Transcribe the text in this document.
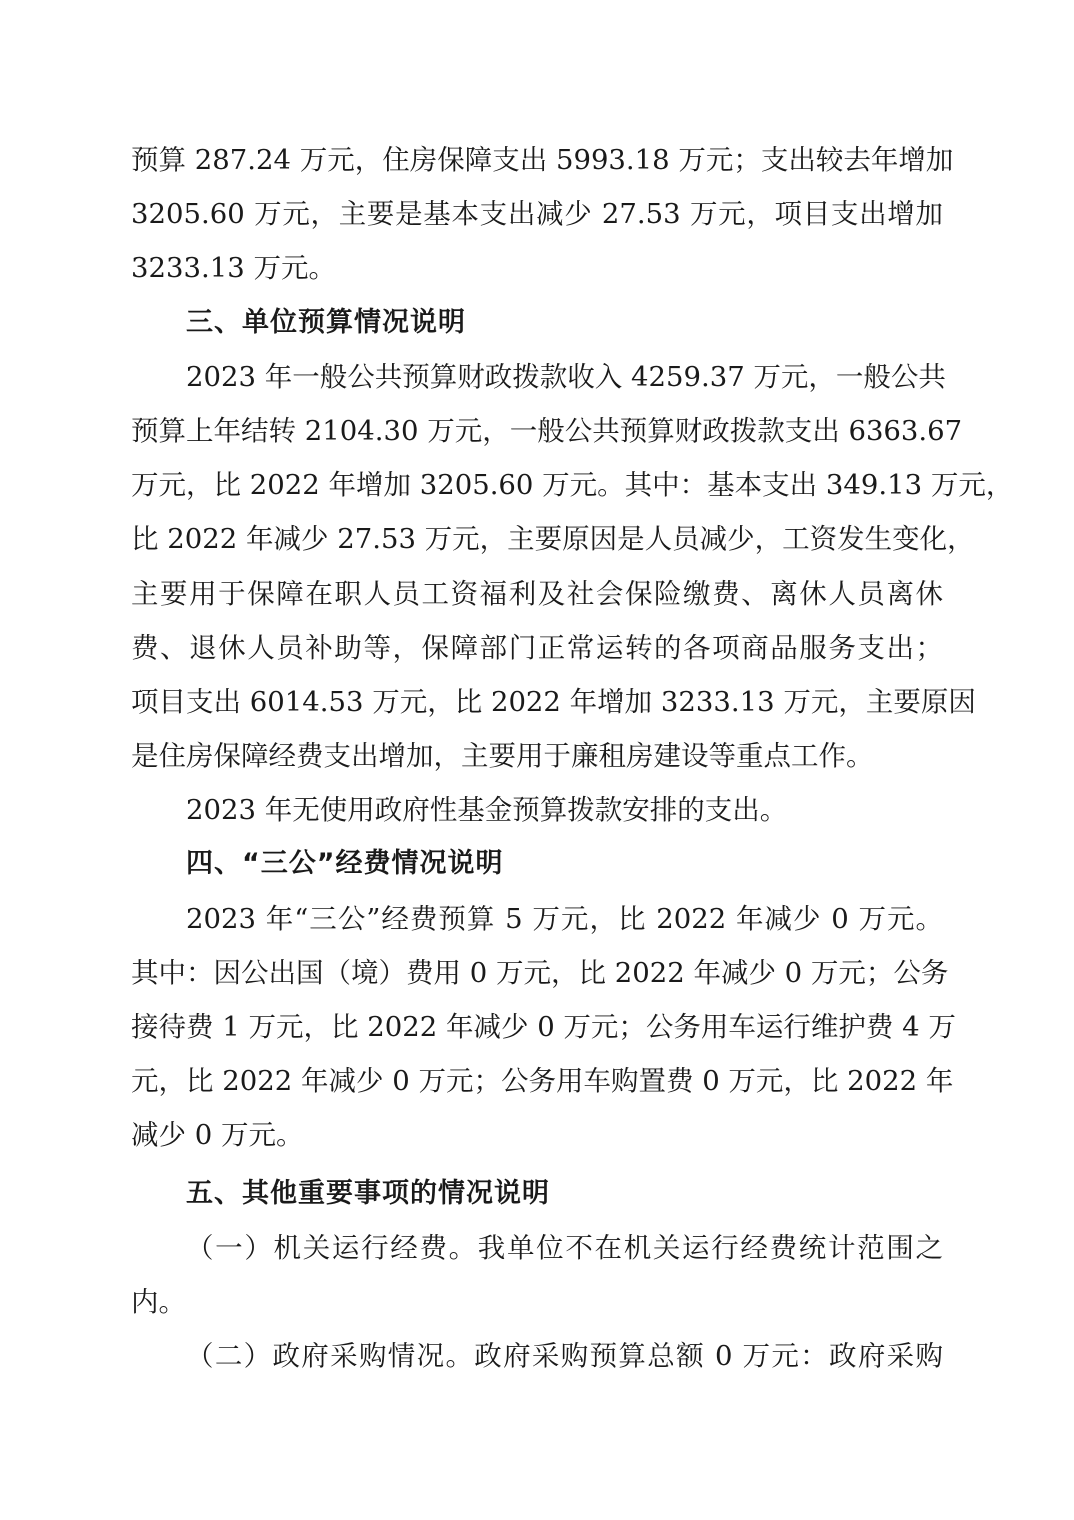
预算 287.24 万元，住房保障支出 5993.18 万元；支出较去年增加
3205.60 万元，主要是基本支出减少 27.53 万元，项目支出增加
3233.13 万元。
三、单位预算情况说明
2023 年一般公共预算财政拨款收入 4259.37 万元，一般公共
预算上年结转 2104.30 万元，一般公共预算财政拨款支出 6363.67
万元，比 2022 年增加 3205.60 万元。其中：基本支出 349.13 万元，
比 2022 年减少 27.53 万元，主要原因是人员减少，工资发生变化，
主要用于保障在职人员工资福利及社会保险缴费、离休人员离休
费、退休人员补助等，保障部门正常运转的各项商品服务支出；
项目支出 6014.53 万元，比 2022 年增加 3233.13 万元，主要原因
是住房保障经费支出增加，主要用于廉租房建设等重点工作。
2023 年无使用政府性基金预算拨款安排的支出。
四、“三公”经费情况说明
2023 年“三公”经费预算 5 万元，比 2022 年减少 0 万元。
其中：因公出国（境）费用 0 万元，比 2022 年减少 0 万元；公务
接待费 1 万元，比 2022 年减少 0 万元；公务用车运行维护费 4 万
元，比 2022 年减少 0 万元；公务用车购置费 0 万元，比 2022 年
减少 0 万元。
五、其他重要事项的情况说明
（一）机关运行经费。我单位不在机关运行经费统计范围之
内。
（二）政府采购情况。政府采购预算总额 0 万元：政府采购
